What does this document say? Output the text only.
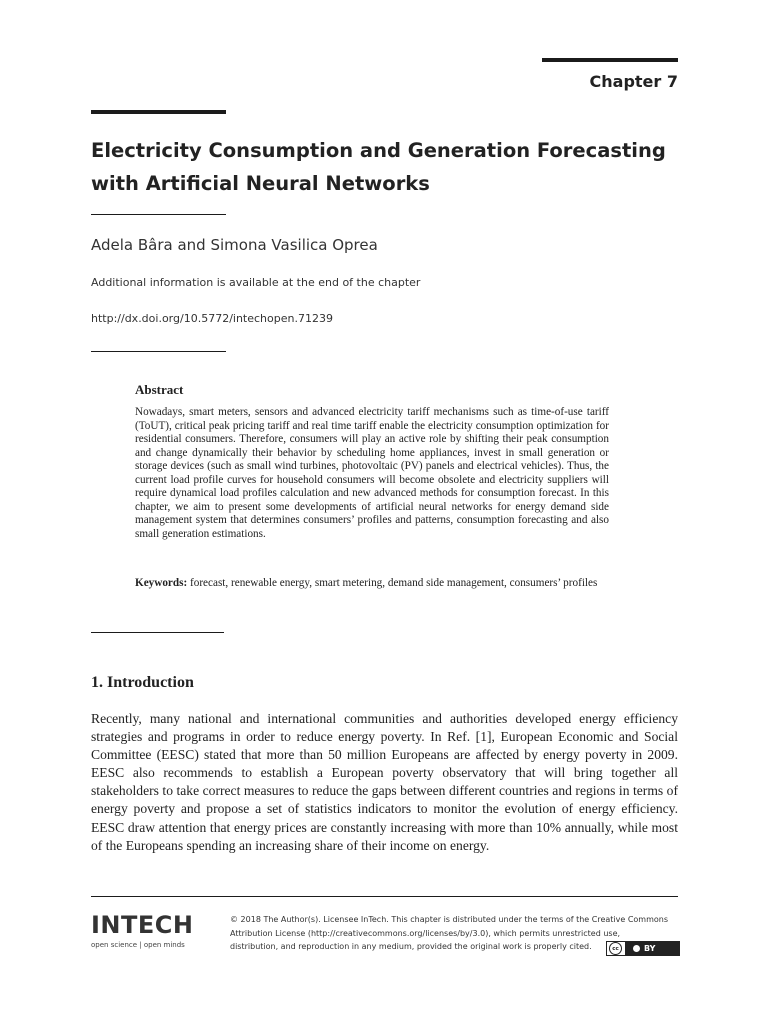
Chapter 7
Electricity Consumption and Generation Forecasting
with Artificial Neural Networks
Adela Bâra and Simona Vasilica Oprea
Additional information is available at the end of the chapter
http://dx.doi.org/10.5772/intechopen.71239
Abstract
Nowadays, smart meters, sensors and advanced electricity tariff mechanisms such as time-of-use tariff (ToUT), critical peak pricing tariff and real time tariff enable the electricity consumption optimization for residential consumers. Therefore, consumers will play an active role by shifting their peak consumption and change dynamically their behavior by scheduling home appliances, invest in small generation or storage devices (such as small wind turbines, photovoltaic (PV) panels and electrical vehicles). Thus, the current load profile curves for household consumers will become obsolete and electricity suppliers will require dynamical load profiles calculation and new advanced methods for consumption forecast. In this chapter, we aim to present some developments of artificial neural networks for energy demand side management system that determines consumers’ profiles and patterns, consumption forecasting and also small generation estimations.
Keywords: forecast, renewable energy, smart metering, demand side management, consumers’ profiles
1. Introduction
Recently, many national and international communities and authorities developed energy efficiency strategies and programs in order to reduce energy poverty. In Ref. [1], European Economic and Social Committee (EESC) stated that more than 50 million Europeans are affected by energy poverty in 2009. EESC also recommends to establish a European poverty observatory that will bring together all stakeholders to take correct measures to reduce the gaps between different countries and regions in terms of energy poverty and propose a set of statistics indicators to monitor the evolution of energy efficiency. EESC draw attention that energy prices are constantly increasing with more than 10% annually, while most of the Europeans spending an increasing share of their income on energy.
INTECH
open science | open minds
© 2018 The Author(s). Licensee InTech. This chapter is distributed under the terms of the Creative Commons
Attribution License (http://creativecommons.org/licenses/by/3.0), which permits unrestricted use,
distribution, and reproduction in any medium, provided the original work is properly cited.	cc	BY
